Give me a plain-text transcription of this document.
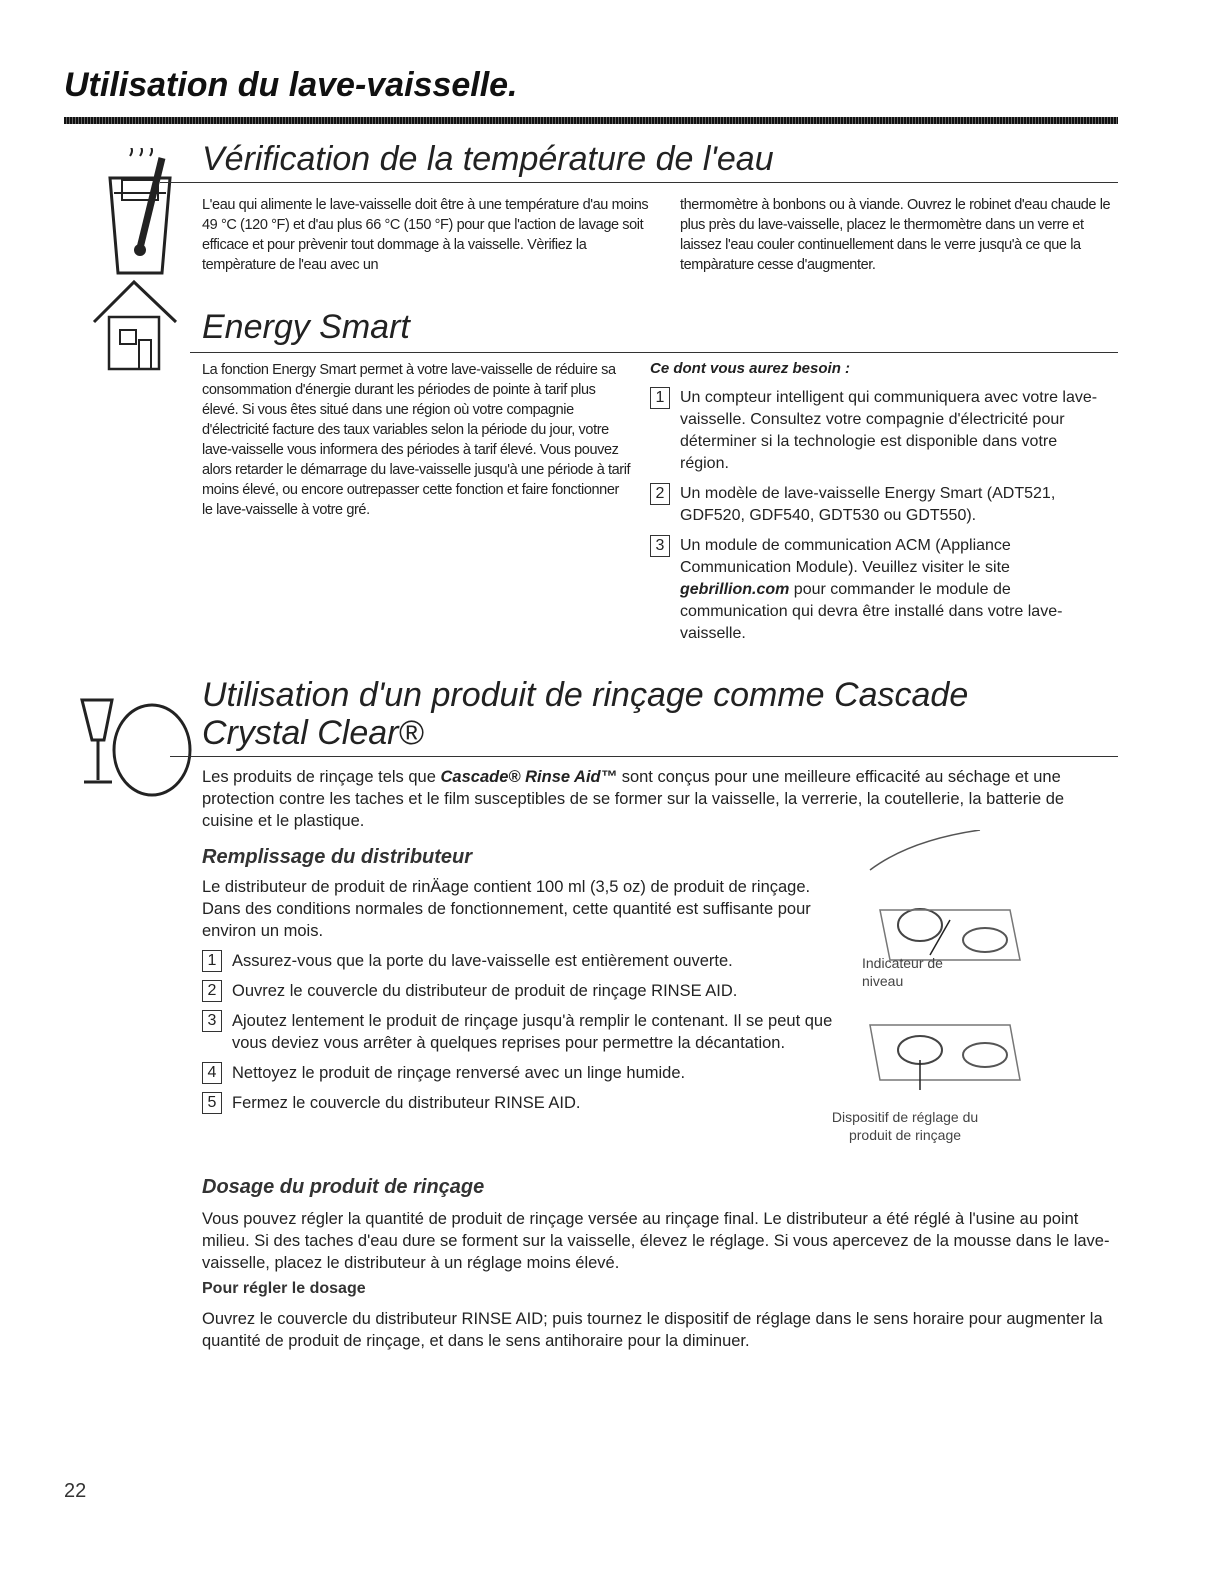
Utilisation du lave-vaisselle.
Vérification de la température de l'eau
L'eau qui alimente le lave-vaisselle doit être à une température d'au moins 49 °C (120 °F) et d'au plus 66 °C (150 °F) pour que l'action de lavage soit efficace et pour prèvenir tout dommage à la vaisselle. Vèrifiez la tempèrature de l'eau avec un
thermomètre à bonbons ou à viande. Ouvrez le robinet d'eau chaude le plus près du lave-vaisselle, placez le thermomètre dans un verre et laissez l'eau couler continuellement dans le verre jusqu'à ce que la tempàrature cesse d'augmenter.
Energy Smart
La fonction Energy Smart permet à votre lave-vaisselle de réduire sa consommation d'énergie durant les périodes de pointe à tarif plus élevé. Si vous êtes situé dans une région où votre compagnie d'électricité facture des taux variables selon la période du jour, votre lave-vaisselle vous informera des périodes à tarif élevé. Vous pouvez alors retarder le démarrage du lave-vaisselle jusqu'à une période à tarif moins élevé, ou encore outrepasser cette fonction et faire fonctionner le lave-vaisselle à votre gré.
Ce dont vous aurez besoin :
1 Un compteur intelligent qui communiquera avec votre lave-vaisselle. Consultez votre compagnie d'électricité pour déterminer si la technologie est disponible dans votre région.
2 Un modèle de lave-vaisselle Energy Smart (ADT521, GDF520, GDF540, GDT530 ou GDT550).
3 Un module de communication ACM (Appliance Communication Module). Veuillez visiter le site gebrillion.com pour commander le module de communication qui devra être installé dans votre lave-vaisselle.
Utilisation d'un produit de rinçage comme Cascade Crystal Clear®
Les produits de rinçage tels que Cascade® Rinse Aid™ sont conçus pour une meilleure efficacité au séchage et une protection contre les taches et le film susceptibles de se former sur la vaisselle, la verrerie, la coutellerie, la batterie de cuisine et le plastique.
Remplissage du distributeur
Le distributeur de produit de rinÄage contient 100 ml (3,5 oz) de produit de rinçage. Dans des conditions normales de fonctionnement, cette quantité est suffisante pour environ un mois.
1 Assurez-vous que la porte du lave-vaisselle est entièrement ouverte.
2 Ouvrez le couvercle du distributeur de produit de rinçage RINSE AID.
3 Ajoutez lentement le produit de rinçage jusqu'à remplir le contenant. Il se peut que vous deviez vous arrêter à quelques reprises pour permettre la décantation.
4 Nettoyez le produit de rinçage renversé avec un linge humide.
5 Fermez le couvercle du distributeur RINSE AID.
Indicateur de niveau
Dispositif de réglage du produit de rinçage
Dosage du produit de rinçage
Vous pouvez régler la quantité de produit de rinçage versée au rinçage final. Le distributeur a été réglé à l'usine au point milieu. Si des taches d'eau dure se forment sur la vaisselle, élevez le réglage. Si vous apercevez de la mousse dans le lave-vaisselle, placez le distributeur à un réglage moins élevé.
Pour régler le dosage
Ouvrez le couvercle du distributeur RINSE AID; puis tournez le dispositif de réglage dans le sens horaire pour augmenter la quantité de produit de rinçage, et dans le sens antihoraire pour la diminuer.
22
